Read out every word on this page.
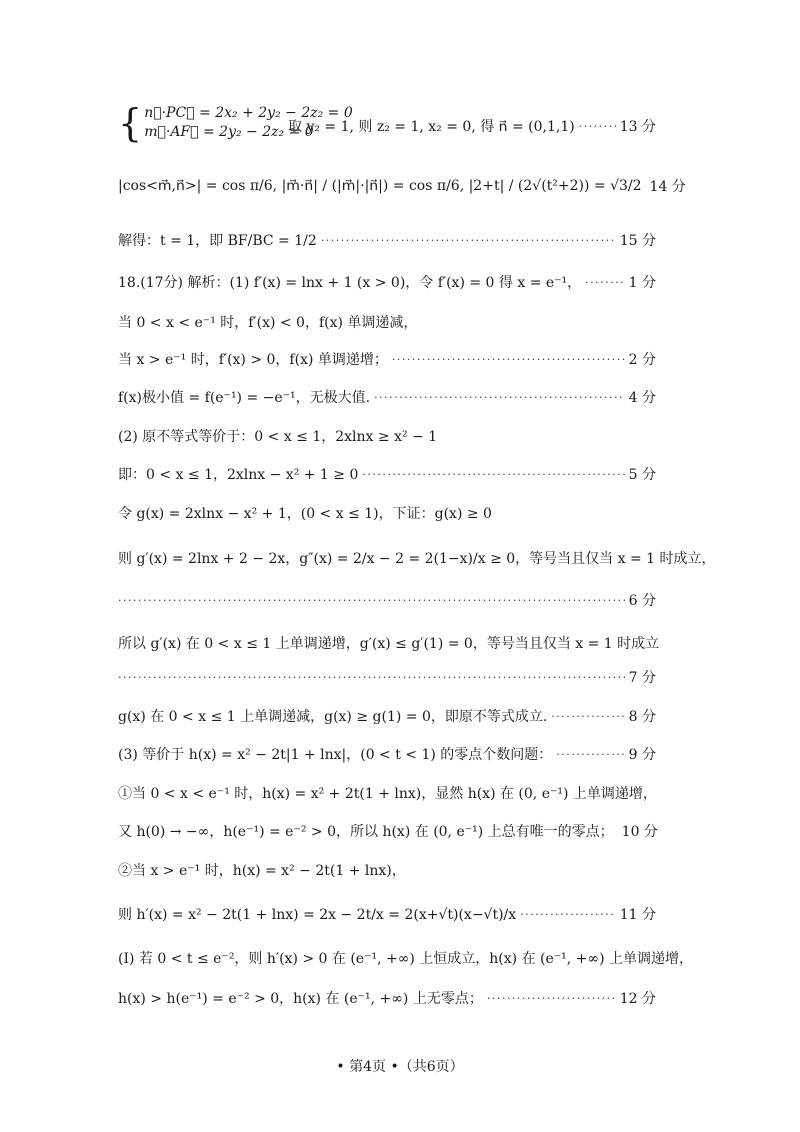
{ n⃗·PC⃗ = 2x₂ + 2y₂ − 2z₂ = 0
m⃗·AF⃗ = 2y₂ − 2z₂ = 0
取 y₂ = 1, 则 z₂ = 1, x₂ = 0, 得 n⃗ = (0,1,1) ·····	13 分
|cos<m⃗,n⃗>| = cos π/6, |m⃗·n⃗| / (|m⃗|·|n⃗|) = cos π/6, |2+t| / (2√(t²+2)) = √3/2 14 分
解得：t = 1，即 BF/BC = 1/2 ·····	15 分
18.(17分) 解析：(1) f′(x) = lnx + 1 (x > 0)，令 f′(x) = 0 得 x = e⁻¹， ·····	1 分
当 0 < x < e⁻¹ 时，f′(x) < 0，f(x) 单调递减，
当 x > e⁻¹ 时，f′(x) > 0，f(x) 单调递增； ·····	2 分
f(x)极小值 = f(e⁻¹) = −e⁻¹，无极大值. ·····	4 分
(2) 原不等式等价于：0 < x ≤ 1，2xlnx ≥ x² − 1
即：0 < x ≤ 1，2xlnx − x² + 1 ≥ 0 ·····	5 分
令 g(x) = 2xlnx − x² + 1，(0 < x ≤ 1)，下证：g(x) ≥ 0
则 g′(x) = 2lnx + 2 − 2x，g″(x) = 2/x − 2 = 2(1−x)/x ≥ 0，等号当且仅当 x = 1 时成立，
·····
6 分
所以 g′(x) 在 0 < x ≤ 1 上单调递增，g′(x) ≤ g′(1) = 0，等号当且仅当 x = 1 时成立
·····
7 分
g(x) 在 0 < x ≤ 1 上单调递减，g(x) ≥ g(1) = 0，即原不等式成立. ·····	8 分
(3) 等价于 h(x) = x² − 2t|1 + lnx|，(0 < t < 1) 的零点个数问题： ·····	9 分
①当 0 < x < e⁻¹ 时，h(x) = x² + 2t(1 + lnx)，显然 h(x) 在 (0, e⁻¹) 上单调递增，
又 h(0) → −∞，h(e⁻¹) = e⁻² > 0，所以 h(x) 在 (0, e⁻¹) 上总有唯一的零点； 10 分
②当 x > e⁻¹ 时，h(x) = x² − 2t(1 + lnx)，
则 h′(x) = x² − 2t(1 + lnx) = 2x − 2t/x = 2(x+√t)(x−√t)/x ·····	11 分
(I) 若 0 < t ≤ e⁻²，则 h′(x) > 0 在 (e⁻¹, +∞) 上恒成立，h(x) 在 (e⁻¹, +∞) 上单调递增，
h(x) > h(e⁻¹) = e⁻² > 0，h(x) 在 (e⁻¹, +∞) 上无零点； ·····	12 分
• 第4页 •（共6页）
